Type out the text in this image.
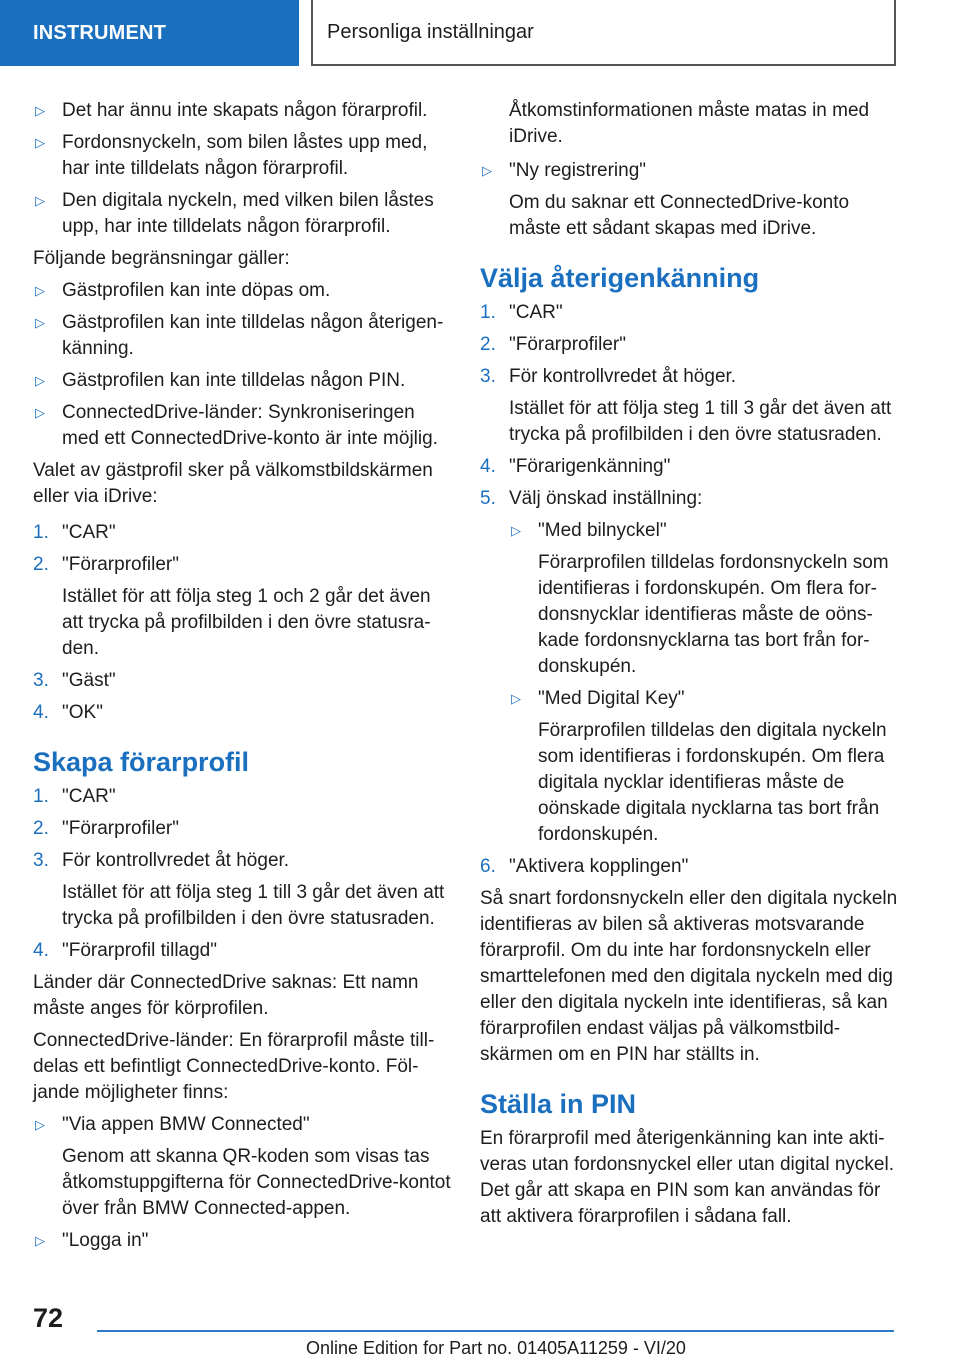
INSTRUMENT	Personliga inställningar
▷ Det har ännu inte skapats någon förarprofil.
▷ Fordonsnyckeln, som bilen låstes upp med, har inte tilldelats någon förarprofil.
▷ Den digitala nyckeln, med vilken bilen låstes upp, har inte tilldelats någon förarprofil.

Följande begränsningar gäller:

▷ Gästprofilen kan inte döpas om.
▷ Gästprofilen kan inte tilldelas någon återigenkänning.
▷ Gästprofilen kan inte tilldelas någon PIN.
▷ ConnectedDrive-länder: Synkroniseringen med ett ConnectedDrive-konto är inte möjlig.

Valet av gästprofil sker på välkomstbildskärmen eller via iDrive:

1. "CAR"
2. "Förarprofiler"
Istället för att följa steg 1 och 2 går det även att trycka på profilbilden i den övre statusraden.
3. "Gäst"
4. "OK"
Skapa förarprofil
1. "CAR"
2. "Förarprofiler"
3. För kontrollvredet åt höger.
Istället för att följa steg 1 till 3 går det även att trycka på profilbilden i den övre statusraden.
4. "Förarprofil tillagd"

Länder där ConnectedDrive saknas: Ett namn måste anges för körprofilen.

ConnectedDrive-länder: En förarprofil måste tilldelas ett befintligt ConnectedDrive-konto. Följande möjligheter finns:

▷ "Via appen BMW Connected"
Genom att skanna QR-koden som visas tas åtkomstuppgifterna för ConnectedDrive-kontot över från BMW Connected-appen.
▷ "Logga in"
Åtkomstinformationen måste matas in med iDrive.
▷ "Ny registrering"
Om du saknar ett ConnectedDrive-konto måste ett sådant skapas med iDrive.
Välja återigenkänning
1. "CAR"
2. "Förarprofiler"
3. För kontrollvredet åt höger.
Istället för att följa steg 1 till 3 går det även att trycka på profilbilden i den övre statusraden.
4. "Förarigenkänning"
5. Välj önskad inställning:
▷ "Med bilnyckel"
Förarprofilen tilldelas fordonsnyckeln som identifieras i fordonskupén. Om flera fordonsnycklar identifieras måste de oönskade fordonsnycklarna tas bort från fordonskupén.
▷ "Med Digital Key"
Förarprofilen tilldelas den digitala nyckeln som identifieras i fordonskupén. Om flera digitala nycklar identifieras måste de oönskade digitala nycklarna tas bort från fordonskupén.
6. "Aktivera kopplingen"

Så snart fordonsnyckeln eller den digitala nyckeln identifieras av bilen så aktiveras motsvarande förarprofil. Om du inte har fordonsnyckeln eller smarttelefonen med den digitala nyckeln med dig eller den digitala nyckeln inte identifieras, så kan förarprofilen endast väljas på välkomstbildskärmen om en PIN har ställts in.

Ställa in PIN

En förarprofil med återigenkänning kan inte aktiveras utan fordonsnyckel eller utan digital nyckel. Det går att skapa en PIN som kan användas för att aktivera förarprofilen i sådana fall.

72
Online Edition for Part no. 01405A11259 - VI/20
